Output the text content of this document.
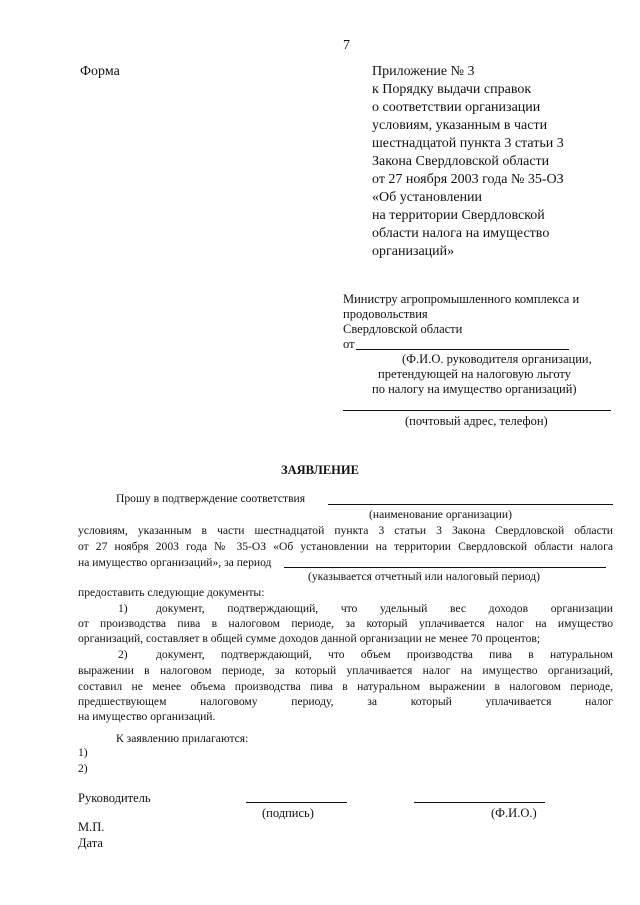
7
Форма	Приложение № 3
к Порядку выдачи справок
о соответствии организации
условиям, указанным в части
шестнадцатой пункта 3 статьи 3
Закона Свердловской области
от 27 ноября 2003 года № 35-ОЗ
«Об установлении
на территории Свердловской
области налога на имущество
организаций»
Министру агропромышленного комплекса и
продовольствия
Свердловской области
от
(Ф.И.О. руководителя организации,
претендующей на налоговую льготу
по налогу на имущество организаций)
(почтовый адрес, телефон)
ЗАЯВЛЕНИЕ
Прошу в подтверждение соответствия
(наименование организации)
условиям, указанным в части шестнадцатой пункта 3 статьи 3 Закона Свердловской области
от 27 ноября 2003 года № 35-ОЗ «Об установлении на территории Свердловской области налога
на имущество организаций», за период
(указывается отчетный или налоговый период)
предоставить следующие документы:
1) документ, подтверждающий, что удельный вес доходов организации
от производства пива в налоговом периоде, за который уплачивается налог на имущество
организаций, составляет в общей сумме доходов данной организации не менее 70 процентов;
2) документ, подтверждающий, что объем производства пива в натуральном
выражении в налоговом периоде, за который уплачивается налог на имущество организаций,
составил не менее объема производства пива в натуральном выражении в налоговом периоде,
предшествующем	налоговому	периоду,	за	который	уплачивается	налог
на имущество организаций.
К заявлению прилагаются:
1)
2)
Руководитель
(подпись)	(Ф.И.О.)
М.П.
Дата
